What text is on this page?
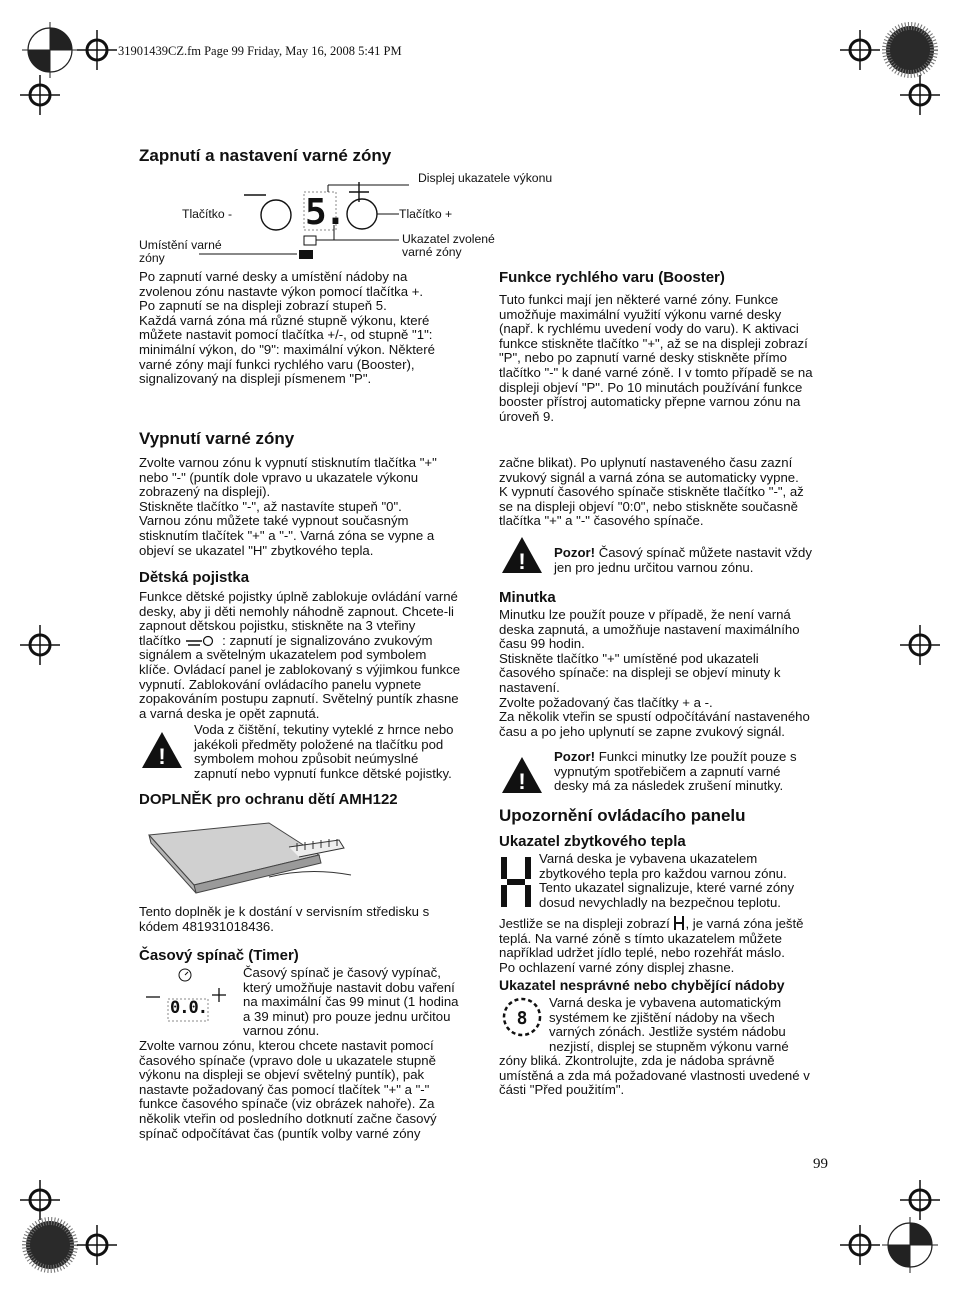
31901439CZ.fm Page 99 Friday, May 16, 2008 5:41 PM
Zapnutí a nastavení varné zóny
5.
Displej ukazatele výkonu
Tlačítko -	Tlačítko +
Umístění varné zóny
Ukazatel zvolené varné zóny
Po zapnutí varné desky a umístění nádoby na
zvolenou zónu nastavte výkon pomocí tlačítka +.
Po zapnutí se na displeji zobrazí stupeň 5.
Každá varná zóna má různé stupně výkonu, které
můžete nastavit pomocí tlačítka +/-, od stupně "1":
minimální výkon, do "9": maximální výkon. Některé
varné zóny mají funkci rychlého varu (Booster),
signalizovaný na displeji písmenem "P".
Vypnutí varné zóny
Zvolte varnou zónu k vypnutí stisknutím tlačítka "+"
nebo "-" (puntík dole vpravo u ukazatele výkonu
zobrazený na displeji).
Stiskněte tlačítko "-", až nastavíte stupeň "0".
Varnou zónu můžete také vypnout současným
stisknutím tlačítek "+" a "-". Varná zóna se vypne a
objeví se ukazatel "H" zbytkového tepla.
Dětská pojistka
Funkce dětské pojistky úplně zablokuje ovládání varné
desky, aby ji děti nemohly náhodně zapnout. Chcete-li
zapnout dětskou pojistku, stiskněte na 3 vteřiny
tlačítko	: zapnutí je signalizováno zvukovým
signálem a světelným ukazatelem pod symbolem
klíče. Ovládací panel je zablokovaný s výjimkou funkce
vypnutí. Zablokování ovládacího panelu vypnete
zopakováním postupu zapnutí. Světelný puntík zhasne
a varná deska je opět zapnutá.
!
Voda z čištění, tekutiny vyteklé z hrnce nebo
jakékoli předměty položené na tlačítku pod
symbolem mohou způsobit neúmyslné
zapnutí nebo vypnutí funkce dětské pojistky.
DOPLNĚK pro ochranu dětí AMH122
Tento doplněk je k dostání v servisním středisku s
kódem 481931018436.
Časový spínač (Timer)
0.0.
Časový spínač je časový vypínač,
který umožňuje nastavit dobu vaření
na maximální čas 99 minut (1 hodina
a 39 minut) pro pouze jednu určitou
varnou zónu.
Zvolte varnou zónu, kterou chcete nastavit pomocí
časového spínače (vpravo dole u ukazatele stupně
výkonu na displeji se objeví světelný puntík), pak
nastavte požadovaný čas pomocí tlačítek "+" a "-"
funkce časového spínače (viz obrázek nahoře). Za
několik vteřin od posledního dotknutí začne časový
spínač odpočítávat čas (puntík volby varné zóny
Funkce rychlého varu (Booster)
Tuto funkci mají jen některé varné zóny. Funkce
umožňuje maximální využití výkonu varné desky
(např. k rychlému uvedení vody do varu). K aktivaci
funkce stiskněte tlačítko "+", až se na displeji zobrazí
"P", nebo po zapnutí varné desky stiskněte přímo
tlačítko "-" k dané varné zóně. I v tomto případě se na
displeji objeví "P". Po 10 minutách používání funkce
booster přístroj automaticky přepne varnou zónu na
úroveň 9.
začne blikat). Po uplynutí nastaveného času zazní
zvukový signál a varná zóna se automaticky vypne.
K vypnutí časového spínače stiskněte tlačítko "-", až
se na displeji objeví "0:0", nebo stiskněte současně
tlačítka "+" a "-" časového spínače.
! Pozor! Časový spínač můžete nastavit vždy
jen pro jednu určitou varnou zónu.
Minutka
Minutku lze použít pouze v případě, že není varná
deska zapnutá, a umožňuje nastavení maximálního
času 99 hodin.
Stiskněte tlačítko "+" umístěné pod ukazateli
časového spínače: na displeji se objeví minuty k
nastavení.
Zvolte požadovaný čas tlačítky + a -.
Za několik vteřin se spustí odpočítávání nastaveného
času a po jeho uplynutí se zapne zvukový signál.
!
Pozor! Funkci minutky lze použít pouze s
vypnutým spotřebičem a zapnutí varné
desky má za následek zrušení minutky.
Upozornění ovládacího panelu
Ukazatel zbytkového tepla
Varná deska je vybavena ukazatelem
zbytkového tepla pro každou varnou zónu.
Tento ukazatel signalizuje, které varné zóny
dosud nevychladly na bezpečnou teplotu.
Jestliže se na displeji zobrazí , je varná zóna ještě
teplá. Na varné zóně s tímto ukazatelem můžete
například udržet jídlo teplé, nebo rozehřát máslo.
Po ochlazení varné zóny displej zhasne.
Ukazatel nesprávné nebo chybějící nádoby
8
Varná deska je vybavena automatickým
systémem ke zjištění nádoby na všech
varných zónách. Jestliže systém nádobu
nezjistí, displej se stupněm výkonu varné
zóny bliká. Zkontrolujte, zda je nádoba správně
umístěná a zda má požadované vlastnosti uvedené v
části "Před použitím".
99
